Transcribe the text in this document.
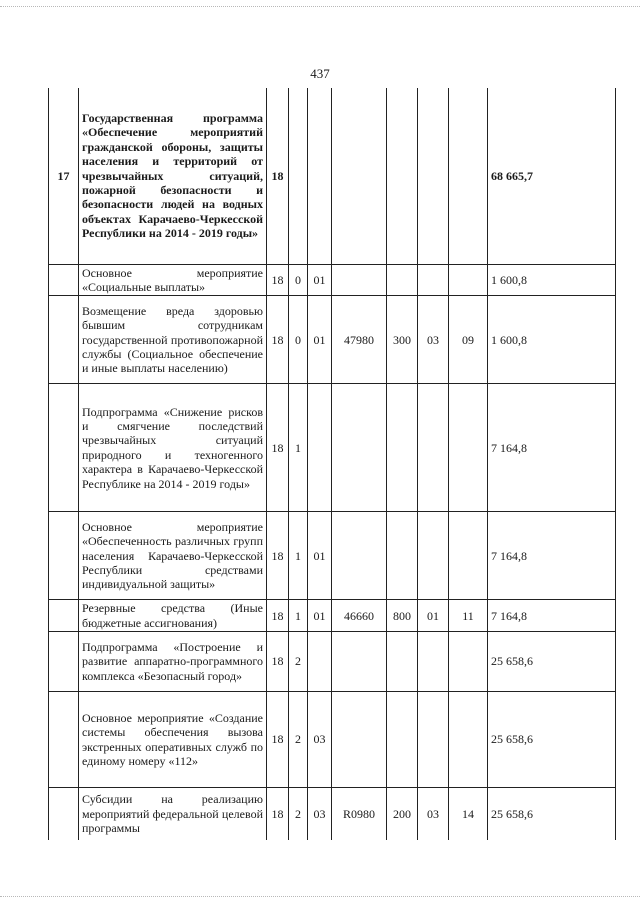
437
17	Государственная программа «Обеспечение мероприятий гражданской обороны, защиты населения и территорий от чрезвычайных ситуаций, пожарной безопасности и безопасности людей на водных объектах Карачаево-Черкесской Республики на 2014 - 2019 годы»	18							68 665,7
	Основное мероприятие «Социальные выплаты»	18	0	01					1 600,8
	Возмещение вреда здоровью бывшим сотрудникам государственной противопожарной службы (Социальное обеспечение и иные выплаты населению)	18	0	01	47980	300	03	09	1 600,8
	Подпрограмма «Снижение рисков и смягчение последствий чрезвычайных ситуаций природного и техногенного характера в Карачаево-Черкесской Республике на 2014 - 2019 годы»	18	1						7 164,8
	Основное мероприятие «Обеспеченность различных групп населения Карачаево-Черкесской Республики средствами индивидуальной защиты»	18	1	01					7 164,8
	Резервные средства (Иные бюджетные ассигнования)	18	1	01	46660	800	01	11	7 164,8
	Подпрограмма «Построение и развитие аппаратно-программного комплекса «Безопасный город»	18	2						25 658,6
	Основное мероприятие «Создание системы обеспечения вызова экстренных оперативных служб по единому номеру «112»	18	2	03					25 658,6
	Субсидии на реализацию мероприятий федеральной целевой программы	18	2	03	R0980	200	03	14	25 658,6
